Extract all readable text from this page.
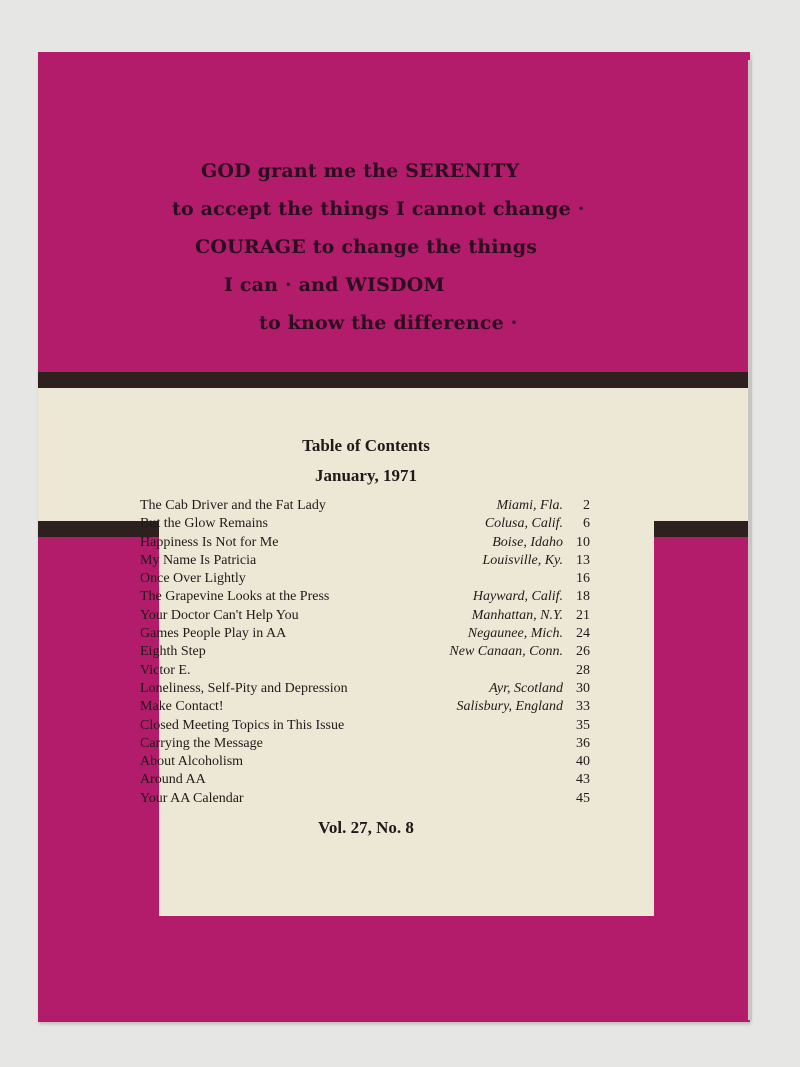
GOD grant me the SERENITY
to accept the things I cannot change ·
COURAGE to change the things
I can · and WISDOM
to know the difference ·
Table of Contents
January, 1971
The Cab Driver and the Fat Lady	Miami, Fla.	2
But the Glow Remains	Colusa, Calif.	6
Happiness Is Not for Me	Boise, Idaho 10
My Name Is Patricia	Louisville, Ky. 13
Once Over Lightly	16
The Grapevine Looks at the Press	Hayward, Calif. 18
Your Doctor Can't Help You	Manhattan, N.Y. 21
Games People Play in AA	Negaunee, Mich. 24
Eighth Step	New Canaan, Conn. 26
Victor E.	28
Loneliness, Self-Pity and Depression	Ayr, Scotland 30
Make Contact!	Salisbury, England 33
Closed Meeting Topics in This Issue	35
Carrying the Message	36
About Alcoholism	40
Around AA	43
Your AA Calendar	45
Vol. 27, No. 8
